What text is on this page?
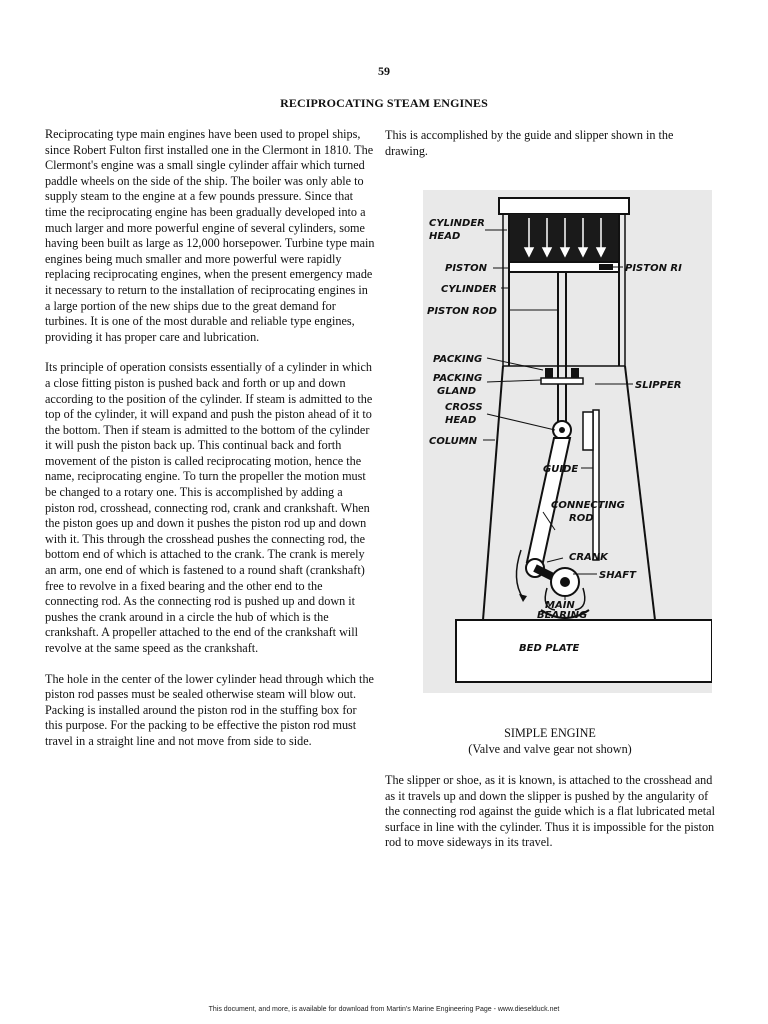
59
RECIPROCATING STEAM ENGINES

Reciprocating type main engines have been used to propel ships, since Robert Fulton first installed one in the Clermont in 1810. The Clermont's engine was a small single cylinder affair which turned paddle wheels on the side of the ship. The boiler was only able to supply steam to the engine at a few pounds pressure. Since that time the reciprocating engine has been gradually developed into a much larger and more powerful engine of several cylinders, some having been built as large as 12,000 horsepower. Turbine type main engines being much smaller and more powerful were rapidly replacing reciprocating engines, when the present emergency made it necessary to return to the installation of reciprocating engines in a large portion of the new ships due to the great demand for turbines. It is one of the most durable and reliable type engines, providing it has proper care and lubrication.

Its principle of operation consists essentially of a cylinder in which a close fitting piston is pushed back and forth or up and down according to the position of the cylinder. If steam is admitted to the top of the cylinder, it will expand and push the piston ahead of it to the bottom. Then if steam is admitted to the bottom of the cylinder it will push the piston back up. This continual back and forth movement of the piston is called reciprocating motion, hence the name, reciprocating engine. To turn the propeller the motion must be changed to a rotary one. This is accomplished by adding a piston rod, crosshead, connecting rod, crank and crankshaft. When the piston goes up and down it pushes the piston rod up and down with it. This through the crosshead pushes the connecting rod, the bottom end of which is attached to the crank. The crank is merely an arm, one end of which is fastened to a round shaft (crankshaft) free to revolve in a fixed bearing and the other end to the connecting rod. As the connecting rod is pushed up and down it pushes the crank around in a circle the hub of which is the crankshaft. A propeller attached to the end of the crankshaft will revolve at the same speed as the crankshaft.

The hole in the center of the lower cylinder head through which the piston rod passes must be sealed otherwise steam will blow out. Packing is installed around the piston rod in the stuffing box for this purpose. For the packing to be effective the piston rod must travel in a straight line and not move from side to side.

This is accomplished by the guide and slipper shown in the drawing.

CYLINDER
HEAD
PISTON	PISTON RI
CYLINDER
PISTON ROD
PACKING
PACKING
GLAND
CROSS
HEAD
SLIPPER
COLUMN
GUIDE
CONNECTING
ROD
CRANK
SHAFT
MAIN
BEARING
BED PLATE
SIMPLE ENGINE
(Valve and valve gear not shown)

The slipper or shoe, as it is known, is attached to the crosshead and as it travels up and down the slipper is pushed by the angularity of the connecting rod against the guide which is a flat lubricated metal surface in line with the cylinder. Thus it is impossible for the piston rod to move sideways in its travel.

This document, and more, is available for download from Martin's Marine Engineering Page - www.dieselduck.net
